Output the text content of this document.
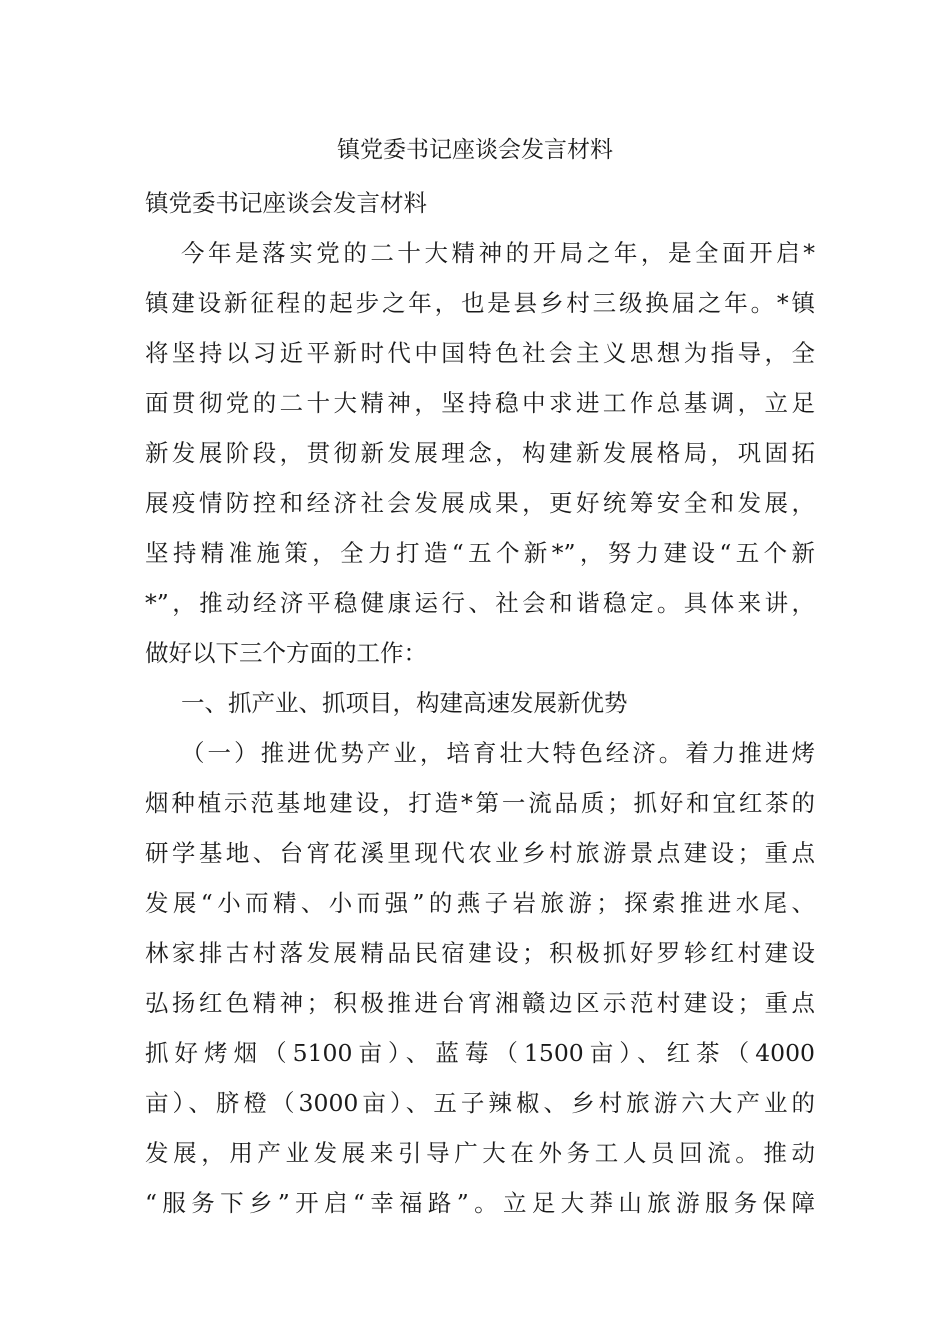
镇党委书记座谈会发言材料
镇党委书记座谈会发言材料
今年是落实党的二十大精神的开局之年，是全面开启*
镇建设新征程的起步之年，也是县乡村三级换届之年。*镇
将坚持以习近平新时代中国特色社会主义思想为指导，全
面贯彻党的二十大精神，坚持稳中求进工作总基调，立足
新发展阶段，贯彻新发展理念，构建新发展格局，巩固拓
展疫情防控和经济社会发展成果，更好统筹安全和发展，
坚持精准施策，全力打造“五个新*”，努力建设“五个新
*”，推动经济平稳健康运行、社会和谐稳定。具体来讲，
做好以下三个方面的工作：
一、抓产业、抓项目，构建高速发展新优势
（一）推进优势产业，培育壮大特色经济。着力推进烤
烟种植示范基地建设，打造*第一流品质；抓好和宜红茶的
研学基地、台宵花溪里现代农业乡村旅游景点建设；重点
发展“小而精、小而强”的燕子岩旅游；探索推进水尾、
林家排古村落发展精品民宿建设；积极抓好罗轸红村建设
弘扬红色精神；积极推进台宵湘赣边区示范村建设；重点
抓好烤烟（5100亩）、蓝莓（1500亩）、红茶（4000
亩）、脐橙（3000亩）、五子辣椒、乡村旅游六大产业的
发展，用产业发展来引导广大在外务工人员回流。推动
“服务下乡”开启“幸福路”。立足大莽山旅游服务保障
